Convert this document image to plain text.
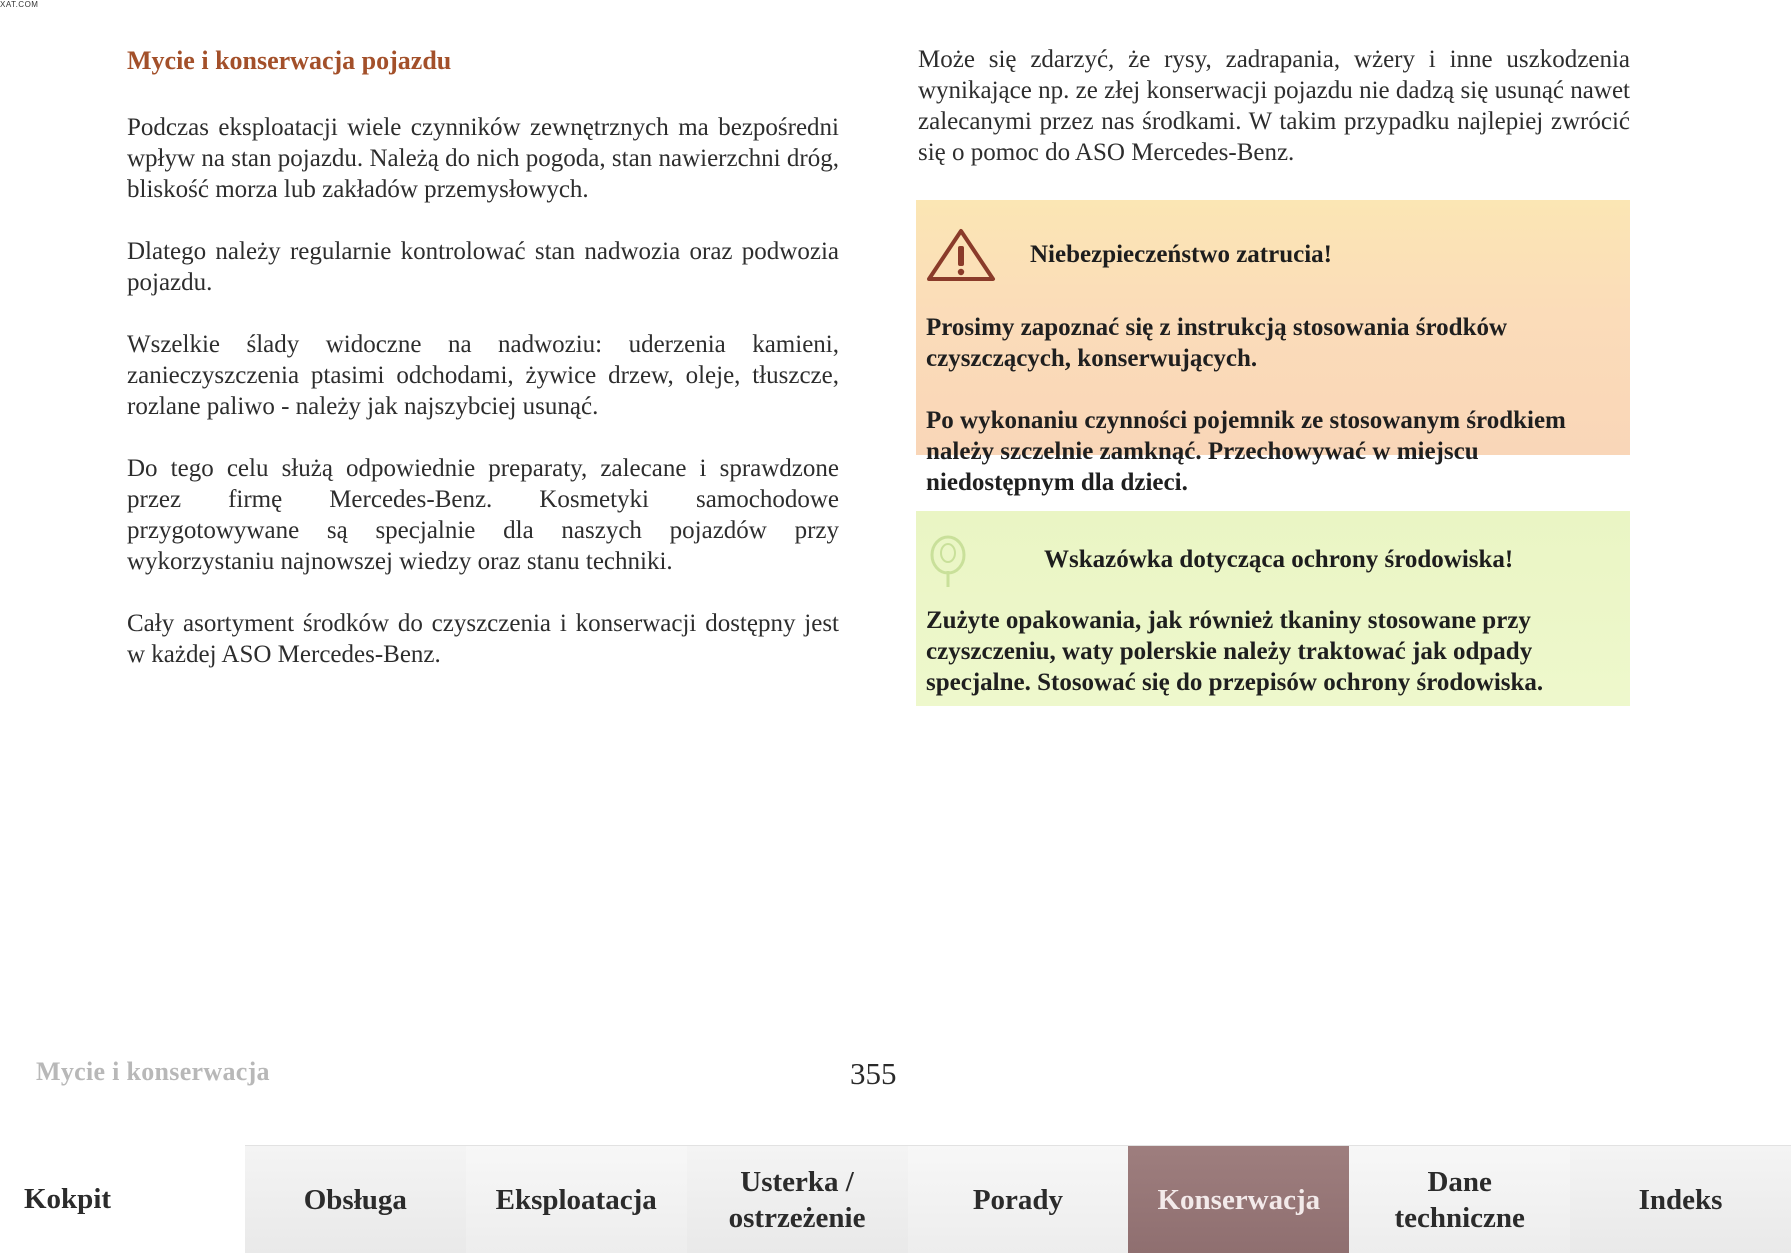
XAT.COM
Mycie i konserwacja pojazdu

Podczas eksploatacji wiele czynników zewnętrznych ma bezpośredni wpływ na stan pojazdu. Należą do nich pogoda, stan nawierzchni dróg, bliskość morza lub zakładów przemysłowych.

Dlatego należy regularnie kontrolować stan nadwozia oraz podwozia pojazdu.

Wszelkie ślady widoczne na nadwoziu: uderzenia kamieni, zanieczyszczenia ptasimi odchodami, żywice drzew, oleje, tłuszcze, rozlane paliwo - należy jak najszybciej usunąć.

Do tego celu służą odpowiednie preparaty, zalecane i sprawdzone przez firmę Mercedes-Benz. Kosmetyki samochodowe przygotowywane są specjalnie dla naszych pojazdów przy wykorzystaniu najnowszej wiedzy oraz stanu techniki.

Cały asortyment środków do czyszczenia i konserwacji dostępny jest w każdej ASO Mercedes-Benz.

Może się zdarzyć, że rysy, zadrapania, wżery i inne uszkodzenia wynikające np. ze złej konserwacji pojazdu nie dadzą się usunąć nawet zalecanymi przez nas środkami. W takim przypadku najlepiej zwrócić się o pomoc do ASO Mercedes-Benz.

Niebezpieczeństwo zatrucia!

Prosimy zapoznać się z instrukcją stosowania środków czyszczących, konserwujących.

Po wykonaniu czynności pojemnik ze stosowanym środkiem należy szczelnie zamknąć. Przechowywać w miejscu niedostępnym dla dzieci.

Wskazówka dotycząca ochrony środowiska!

Zużyte opakowania, jak również tkaniny stosowane przy czyszczeniu, waty polerskie należy traktować jak odpady specjalne. Stosować się do przepisów ochrony środowiska.

Mycie i konserwacja	355
Kokpit	Obsługa	Eksploatacja
Usterka /
ostrzeżenie
Porady	Konserwacja
Dane
techniczne
Indeks
